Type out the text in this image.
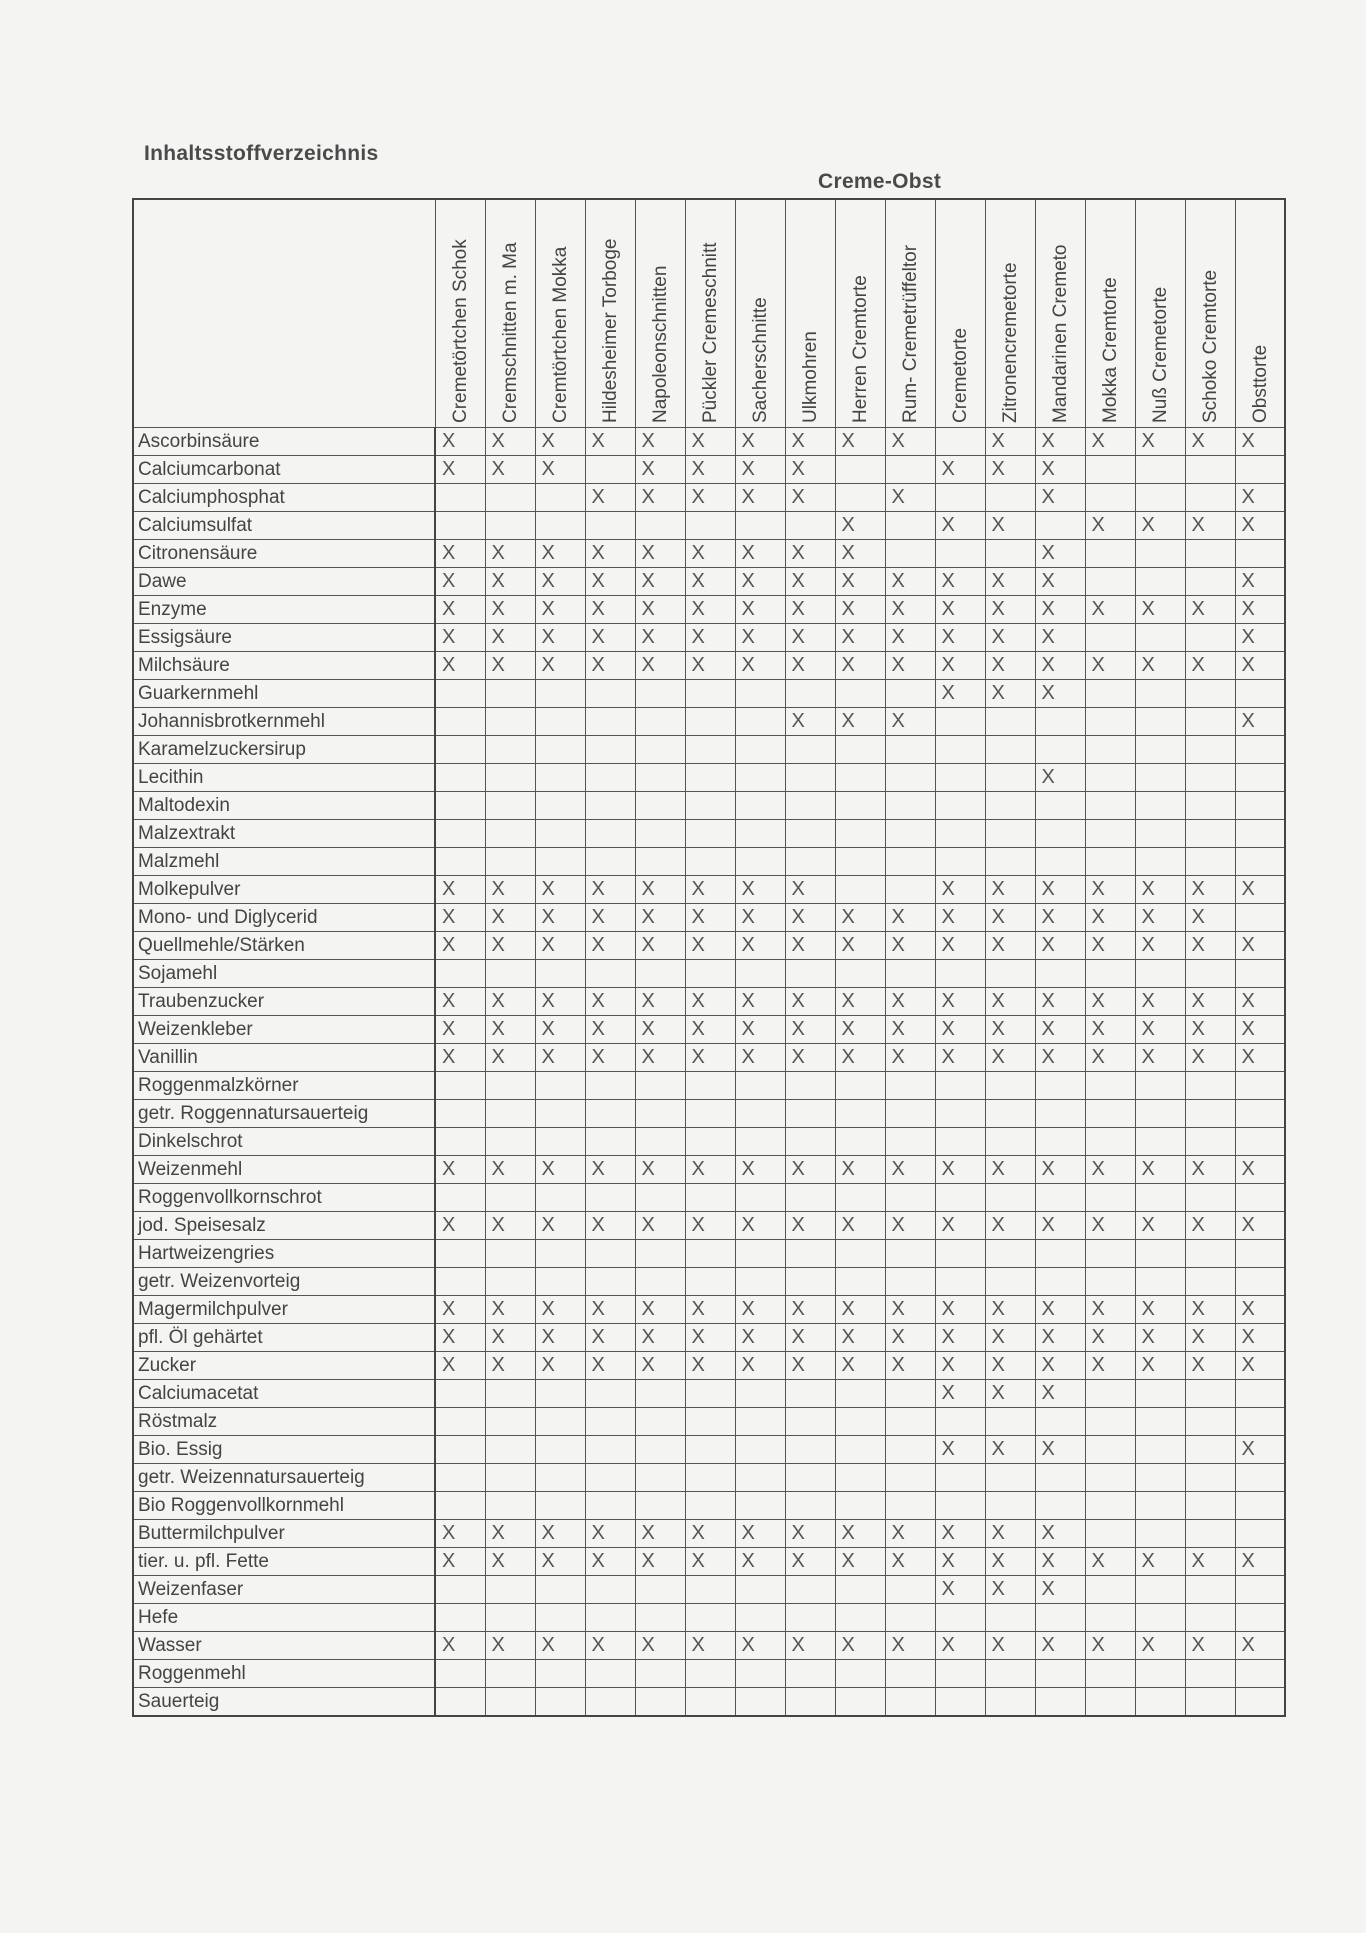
Inhaltsstoffverzeichnis
Creme-Obst

	Cremetörtchen Schok	Cremschnitten m. Ma	Cremtörtchen Mokka	Hildesheimer Torboge	Napoleonschnitten	Pückler Cremeschnitt	Sacherschnitte	Ulkmohren	Herren Cremtorte	Rum- Cremetrüffeltor	Cremetorte	Zitronencremetorte	Mandarinen Cremeto	Mokka Cremtorte	Nuß Cremetorte	Schoko Cremtorte	Obsttorte

Ascorbinsäure	X	X	X	X	X	X	X	X	X	X		X	X	X	X	X	X
Calciumcarbonat	X	X	X		X	X	X	X			X	X	X				
Calciumphosphat				X	X	X	X	X		X			X				X
Calciumsulfat									X		X	X		X	X	X	X
Citronensäure	X	X	X	X	X	X	X	X	X				X				
Dawe	X	X	X	X	X	X	X	X	X	X	X	X	X				X
Enzyme	X	X	X	X	X	X	X	X	X	X	X	X	X	X	X	X	X
Essigsäure	X	X	X	X	X	X	X	X	X	X	X	X	X				X
Milchsäure	X	X	X	X	X	X	X	X	X	X	X	X	X	X	X	X	X
Guarkernmehl											X	X	X				
Johannisbrotkernmehl								X	X	X							X
Karamelzuckersirup																	
Lecithin													X				
Maltodexin																	
Malzextrakt																	
Malzmehl																	
Molkepulver	X	X	X	X	X	X	X	X			X	X	X	X	X	X	X
Mono- und Diglycerid	X	X	X	X	X	X	X	X	X	X	X	X	X	X	X	X	
Quellmehle/Stärken	X	X	X	X	X	X	X	X	X	X	X	X	X	X	X	X	X
Sojamehl																	
Traubenzucker	X	X	X	X	X	X	X	X	X	X	X	X	X	X	X	X	X
Weizenkleber	X	X	X	X	X	X	X	X	X	X	X	X	X	X	X	X	X
Vanillin	X	X	X	X	X	X	X	X	X	X	X	X	X	X	X	X	X
Roggenmalzkörner																	
getr. Roggennatursauerteig																	
Dinkelschrot																	
Weizenmehl	X	X	X	X	X	X	X	X	X	X	X	X	X	X	X	X	X
Roggenvollkornschrot																	
jod. Speisesalz	X	X	X	X	X	X	X	X	X	X	X	X	X	X	X	X	X
Hartweizengries																	
getr. Weizenvorteig																	
Magermilchpulver	X	X	X	X	X	X	X	X	X	X	X	X	X	X	X	X	X
pfl. Öl gehärtet	X	X	X	X	X	X	X	X	X	X	X	X	X	X	X	X	X
Zucker	X	X	X	X	X	X	X	X	X	X	X	X	X	X	X	X	X
Calciumacetat											X	X	X				
Röstmalz																	
Bio. Essig											X	X	X				X
getr. Weizennatursauerteig																	
Bio Roggenvollkornmehl																	
Buttermilchpulver	X	X	X	X	X	X	X	X	X	X	X	X	X				
tier. u. pfl. Fette	X	X	X	X	X	X	X	X	X	X	X	X	X	X	X	X	X
Weizenfaser											X	X	X				
Hefe																	
Wasser	X	X	X	X	X	X	X	X	X	X	X	X	X	X	X	X	X
Roggenmehl																	
Sauerteig																	
